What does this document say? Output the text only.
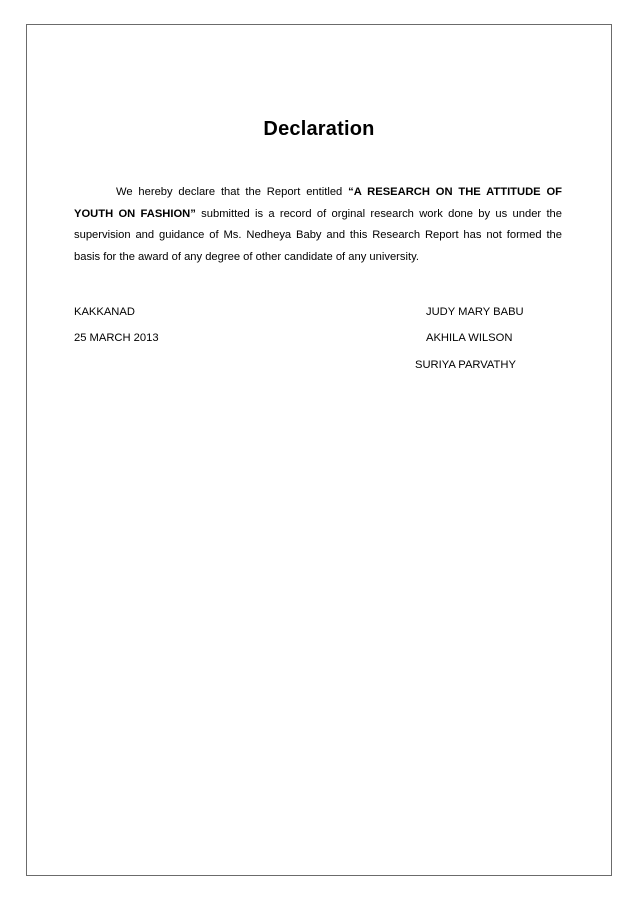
Declaration
We hereby declare that the Report entitled “A RESEARCH ON THE ATTITUDE OF YOUTH ON FASHION” submitted is a record of orginal research work done by us under the supervision and guidance of Ms. Nedheya Baby and this Research Report has not formed the basis for the award of any degree of other candidate of any university.
KAKKANAD
25 MARCH 2013
JUDY MARY BABU
AKHILA WILSON
SURIYA PARVATHY
